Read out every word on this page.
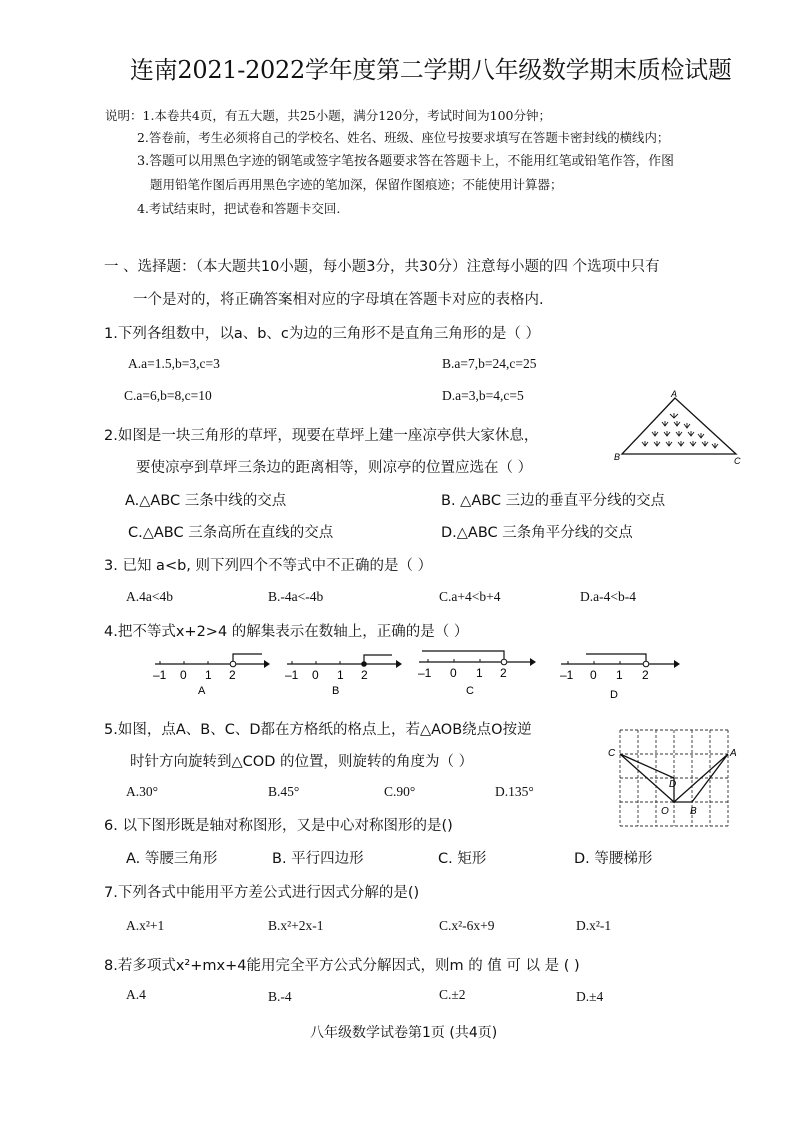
连南2021-2022学年度第二学期八年级数学期末质检试题
说明：1.本卷共4页，有五大题，共25小题，满分120分，考试时间为100分钟；
2.答卷前，考生必须将自己的学校名、姓名、班级、座位号按要求填写在答题卡密封线的横线内；
3.答题可以用黑色字迹的钢笔或签字笔按各题要求答在答题卡上，不能用红笔或铅笔作答，作图
题用铅笔作图后再用黑色字迹的笔加深，保留作图痕迹；不能使用计算器；
4.考试结束时，把试卷和答题卡交回.
一 、选择题：（本大题共10小题，每小题3分，共30分）注意每小题的四 个选项中只有
一个是对的，将正确答案相对应的字母填在答题卡对应的表格内.
1.下列各组数中，以a、b、c为边的三角形不是直角三角形的是（ ）
A.a=1.5,b=3,c=3	B.a=7,b=24,c=25
C.a=6,b=8,c=10	D.a=3,b=4,c=5	A
B	C
2.如图是一块三角形的草坪，现要在草坪上建一座凉亭供大家休息，
要使凉亭到草坪三条边的距离相等，则凉亭的位置应选在（ ）
A.△ABC 三条中线的交点	B. △ABC 三边的垂直平分线的交点
C.△ABC 三条高所在直线的交点	D.△ABC 三条角平分线的交点
3. 已知 a<b, 则下列四个不等式中不正确的是（ ）
A.4a<4b	B.-4a<-4b	C.a+4<b+4	D.a-4<b-4
4.把不等式x+2>4 的解集表示在数轴上，正确的是（ ）
–1 0 1 2
A
–1 0 1 2
B
–1 0 1 2
C
–1 0 1 2
D
5.如图，点A、B、C、D都在方格纸的格点上，若△AOB绕点O按逆
时针方向旋转到△COD 的位置，则旋转的角度为（ ）
A.30°	B.45°	C.90°	D.135°
C	A
D
O B
6. 以下图形既是轴对称图形，又是中心对称图形的是()
A. 等腰三角形	B. 平行四边形	C. 矩形	D. 等腰梯形
7.下列各式中能用平方差公式进行因式分解的是()
A.x²+1	B.x²+2x-1	C.x²-6x+9	D.x²-1
8.若多项式x²+mx+4能用完全平方公式分解因式，则m 的 值 可 以 是 ( )
A.4	B.-4	C.±2	D.±4
八年级数学试卷第1页 (共4页)
